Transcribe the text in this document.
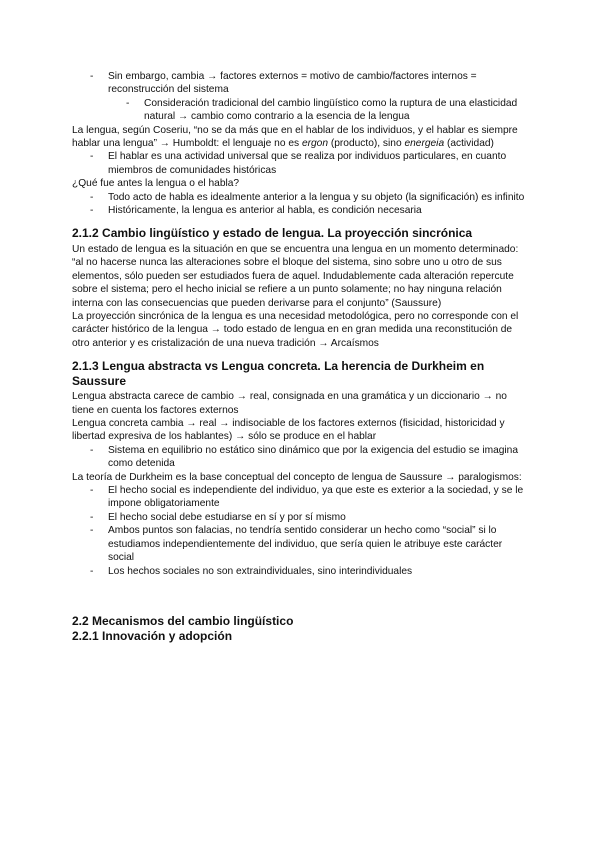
- Sin embargo, cambia → factores externos = motivo de cambio/factores internos = reconstrucción del sistema

- Consideración tradicional del cambio lingüístico como la ruptura de una elasticidad natural → cambio como contrario a la esencia de la lengua

La lengua, según Coseriu, “no se da más que en el hablar de los individuos, y el hablar es siempre hablar una lengua” → Humboldt: el lenguaje no es ergon (producto), sino energeia (actividad)

- El hablar es una actividad universal que se realiza por individuos particulares, en cuanto miembros de comunidades históricas

¿Qué fue antes la lengua o el habla?

- Todo acto de habla es idealmente anterior a la lengua y su objeto (la significación) es infinito

- Históricamente, la lengua es anterior al habla, es condición necesaria

2.1.2 Cambio lingüístico y estado de lengua. La proyección sincrónica

Un estado de lengua es la situación en que se encuentra una lengua en un momento determinado: “al no hacerse nunca las alteraciones sobre el bloque del sistema, sino sobre uno u otro de sus elementos, sólo pueden ser estudiados fuera de aquel. Indudablemente cada alteración repercute sobre el sistema; pero el hecho inicial se refiere a un punto solamente; no hay ninguna relación interna con las consecuencias que pueden derivarse para el conjunto” (Saussure)

La proyección sincrónica de la lengua es una necesidad metodológica, pero no corresponde con el carácter histórico de la lengua → todo estado de lengua en en gran medida una reconstitución de otro anterior y es cristalización de una nueva tradición → Arcaísmos

2.1.3 Lengua abstracta vs Lengua concreta. La herencia de Durkheim en Saussure

Lengua abstracta carece de cambio → real, consignada en una gramática y un diccionario → no tiene en cuenta los factores externos

Lengua concreta cambia → real → indisociable de los factores externos (fisicidad, historicidad y libertad expresiva de los hablantes) → sólo se produce en el hablar

- Sistema en equilibrio no estático sino dinámico que por la exigencia del estudio se imagina como detenida

La teoría de Durkheim es la base conceptual del concepto de lengua de Saussure → paralogismos:

- El hecho social es independiente del individuo, ya que este es exterior a la sociedad, y se le impone obligatoriamente

- El hecho social debe estudiarse en sí y por sí mismo

- Ambos puntos son falacias, no tendría sentido considerar un hecho como “social” si lo estudiamos independientemente del individuo, que sería quien le atribuye este carácter social

- Los hechos sociales no son extraindividuales, sino interindividuales

2.2 Mecanismos del cambio lingüístico

2.2.1 Innovación y adopción
